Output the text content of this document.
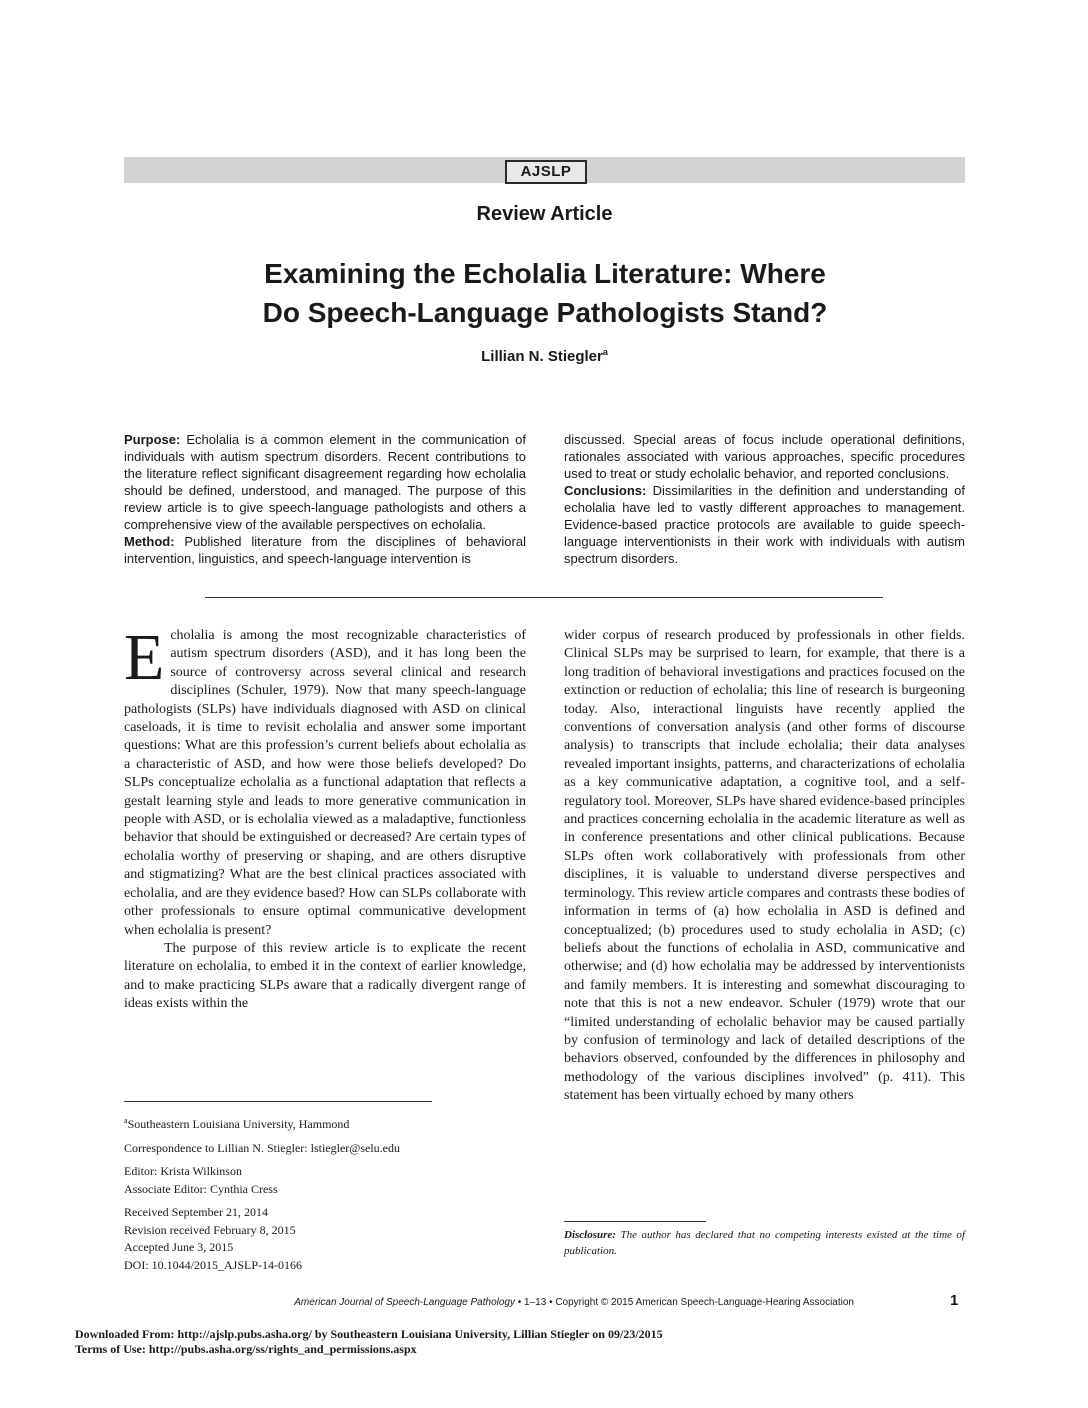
AJSLP
Review Article
Examining the Echolalia Literature: Where
Do Speech-Language Pathologists Stand?
Lillian N. Stiegler$^a$

Purpose: Echolalia is a common element in the communication of individuals with autism spectrum disorders. Recent contributions to the literature reflect significant disagreement regarding how echolalia should be defined, understood, and managed. The purpose of this review article is to give speech-language pathologists and others a comprehensive view of the available perspectives on echolalia.

Method: Published literature from the disciplines of behavioral intervention, linguistics, and speech-language intervention is

discussed. Special areas of focus include operational definitions, rationales associated with various approaches, specific procedures used to treat or study echolalic behavior, and reported conclusions.

Conclusions: Dissimilarities in the definition and understanding of echolalia have led to vastly different approaches to management. Evidence-based practice protocols are available to guide speech-language interventionists in their work with individuals with autism spectrum disorders.

Echolalia is among the most recognizable characteristics of autism spectrum disorders (ASD), and it has long been the source of controversy across several clinical and research disciplines (Schuler, 1979). Now that many speech-language pathologists (SLPs) have individuals diagnosed with ASD on clinical caseloads, it is time to revisit echolalia and answer some important questions: What are this profession’s current beliefs about echolalia as a characteristic of ASD, and how were those beliefs developed? Do SLPs conceptualize echolalia as a functional adaptation that reflects a gestalt learning style and leads to more generative communication in people with ASD, or is echolalia viewed as a maladaptive, functionless behavior that should be extinguished or decreased? Are certain types of echolalia worthy of preserving or shaping, and are others disruptive and stigmatizing? What are the best clinical practices associated with echolalia, and are they evidence based? How can SLPs collaborate with other professionals to ensure optimal communicative development when echolalia is present?

The purpose of this review article is to explicate the recent literature on echolalia, to embed it in the context of earlier knowledge, and to make practicing SLPs aware that a radically divergent range of ideas exists within the

wider corpus of research produced by professionals in other fields. Clinical SLPs may be surprised to learn, for example, that there is a long tradition of behavioral investigations and practices focused on the extinction or reduction of echolalia; this line of research is burgeoning today. Also, interactional linguists have recently applied the conventions of conversation analysis (and other forms of discourse analysis) to transcripts that include echolalia; their data analyses revealed important insights, patterns, and characterizations of echolalia as a key communicative adaptation, a cognitive tool, and a self-regulatory tool. Moreover, SLPs have shared evidence-based principles and practices concerning echolalia in the academic literature as well as in conference presentations and other clinical publications. Because SLPs often work collaboratively with professionals from other disciplines, it is valuable to understand diverse perspectives and terminology. This review article compares and contrasts these bodies of information in terms of (a) how echolalia in ASD is defined and conceptualized; (b) procedures used to study echolalia in ASD; (c) beliefs about the functions of echolalia in ASD, communicative and otherwise; and (d) how echolalia may be addressed by interventionists and family members. It is interesting and somewhat discouraging to note that this is not a new endeavor. Schuler (1979) wrote that our “limited understanding of echolalic behavior may be caused partially by confusion of terminology and lack of detailed descriptions of the behaviors observed, confounded by the differences in philosophy and methodology of the various disciplines involved” (p. 411). This statement has been virtually echoed by many others

$^a$Southeastern Louisiana University, Hammond
Correspondence to Lillian N. Stiegler: lstiegler@selu.edu
Editor: Krista Wilkinson
Associate Editor: Cynthia Cress
Received September 21, 2014
Revision received February 8, 2015
Accepted June 3, 2015
DOI: 10.1044/2015_AJSLP-14-0166
Disclosure: The author has declared that no competing interests existed at the time of publication.
American Journal of Speech-Language Pathology • 1–13 • Copyright © 2015 American Speech-Language-Hearing Association	1
Downloaded From: http://ajslp.pubs.asha.org/ by Southeastern Louisiana University, Lillian Stiegler on 09/23/2015
Terms of Use: http://pubs.asha.org/ss/rights_and_permissions.aspx
